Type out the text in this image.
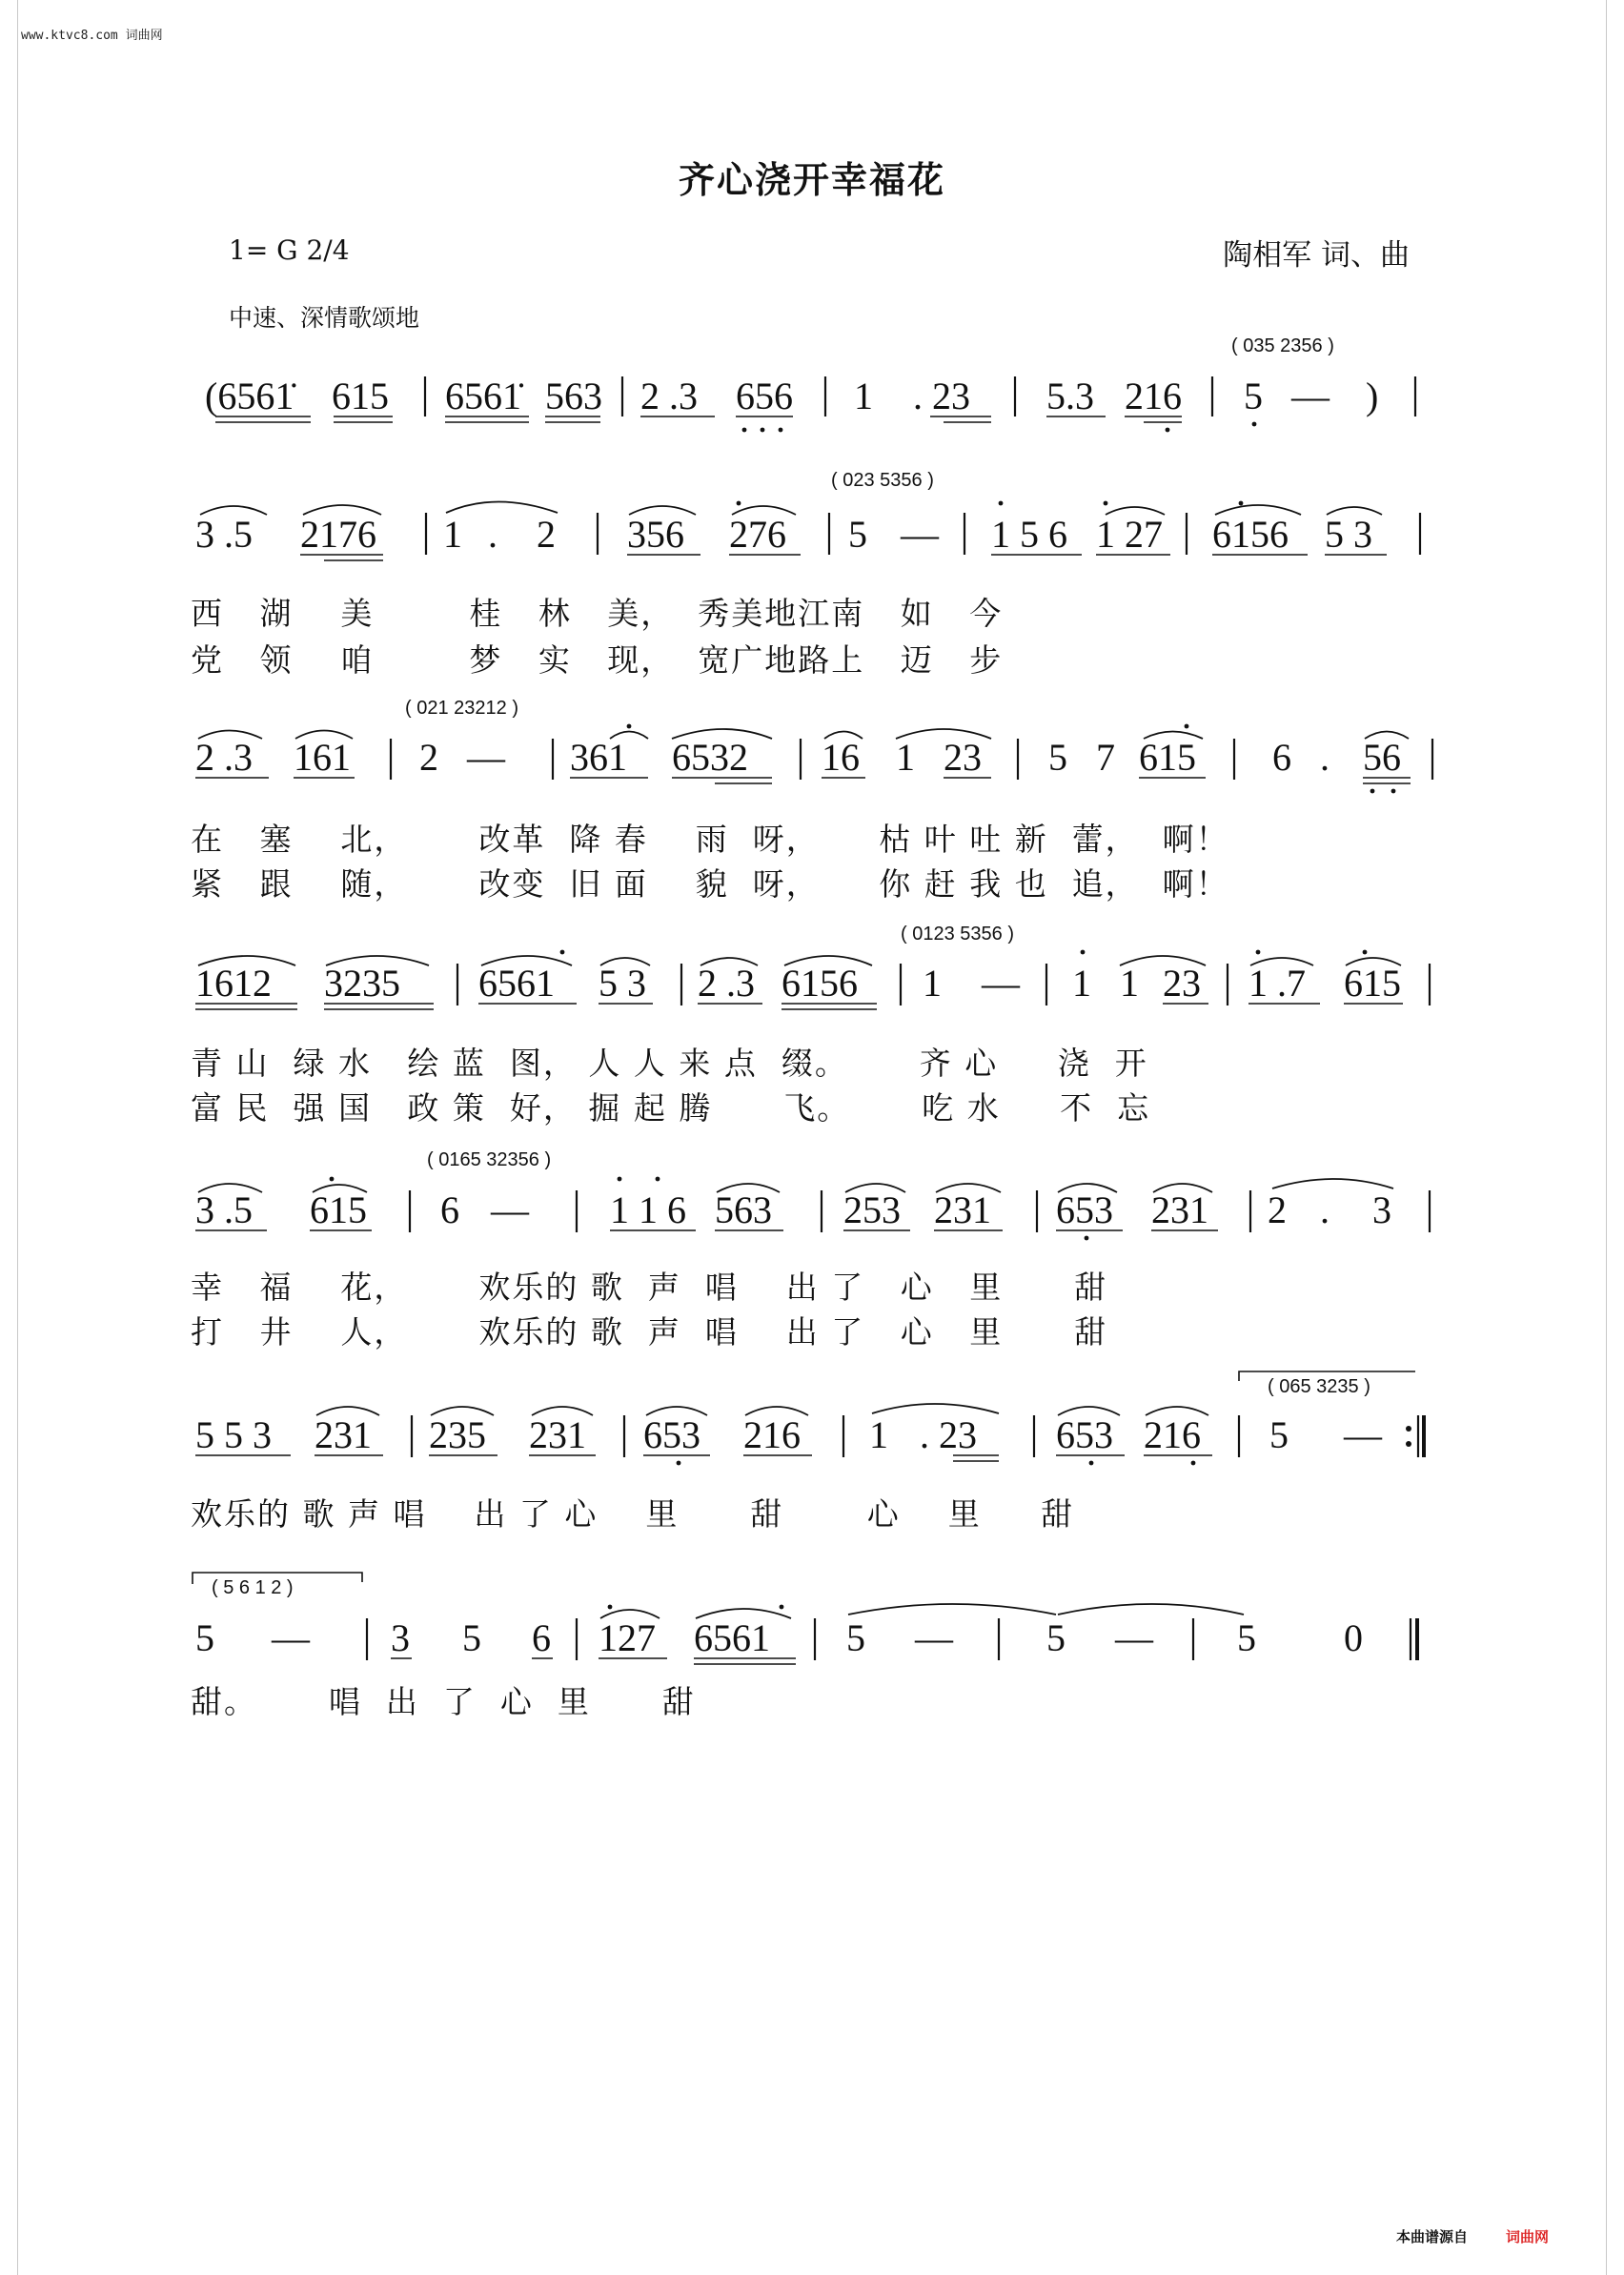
www.ktvc8.com 词曲网
齐心浇开幸福花
1= G 2/4	陶相军 词、曲
中速、深情歌颂地
( 035 2356 )
(6561̇ 615 6561̇ 563 2 .3 656 1 . 23 5.3 216 5 — )
( 023 5356 )
3 .5 2176 1 . 2 356 276 5 — 1 5 6 1 27 6156 5 3
西   湖    美        桂   林   美，  秀美地江南   如   今
党   领    咱        梦   实   现，  宽广地路上   迈   步
( 021 23212 )
2 .3 161 2 — 361 6532 16 1 23 5 7 615 6 . 56
在   塞    北，      改革  降 春    雨  呀，     枯 叶 吐 新  蕾，  啊！
紧   跟    随，      改变  旧 面    貌  呀，     你 赶 我 也  追，  啊！
( 0123 5356 )
1612 3235 6561 5 3 2 .3 6156 1 — 1 1 23 1 .7 615
青 山  绿 水   绘 蓝  图， 人 人 来 点  缀。      齐 心     浇  开
富 民  强 国   政 策  好， 掘 起 腾      飞。      吃 水     不  忘
( 0165 32356 )
3 .5 615 6 — 1 1 6 563 253 231 653 231 2 . 3
幸   福    花，      欢乐的 歌  声  唱    出 了   心   里      甜
打   井    人，      欢乐的 歌  声  唱    出 了   心   里      甜
( 065 3235 )
5 5 3 231 235 231 653 216 1 . 23 653 216 5 —
欢乐的 歌 声 唱    出 了 心    里      甜       心    里     甜
( 5 6 1 2 )
5 — 3 5 6 127 6561 5 — 5 — 5 0
甜。      唱  出  了  心  里      甜
本曲谱源自	词曲网
